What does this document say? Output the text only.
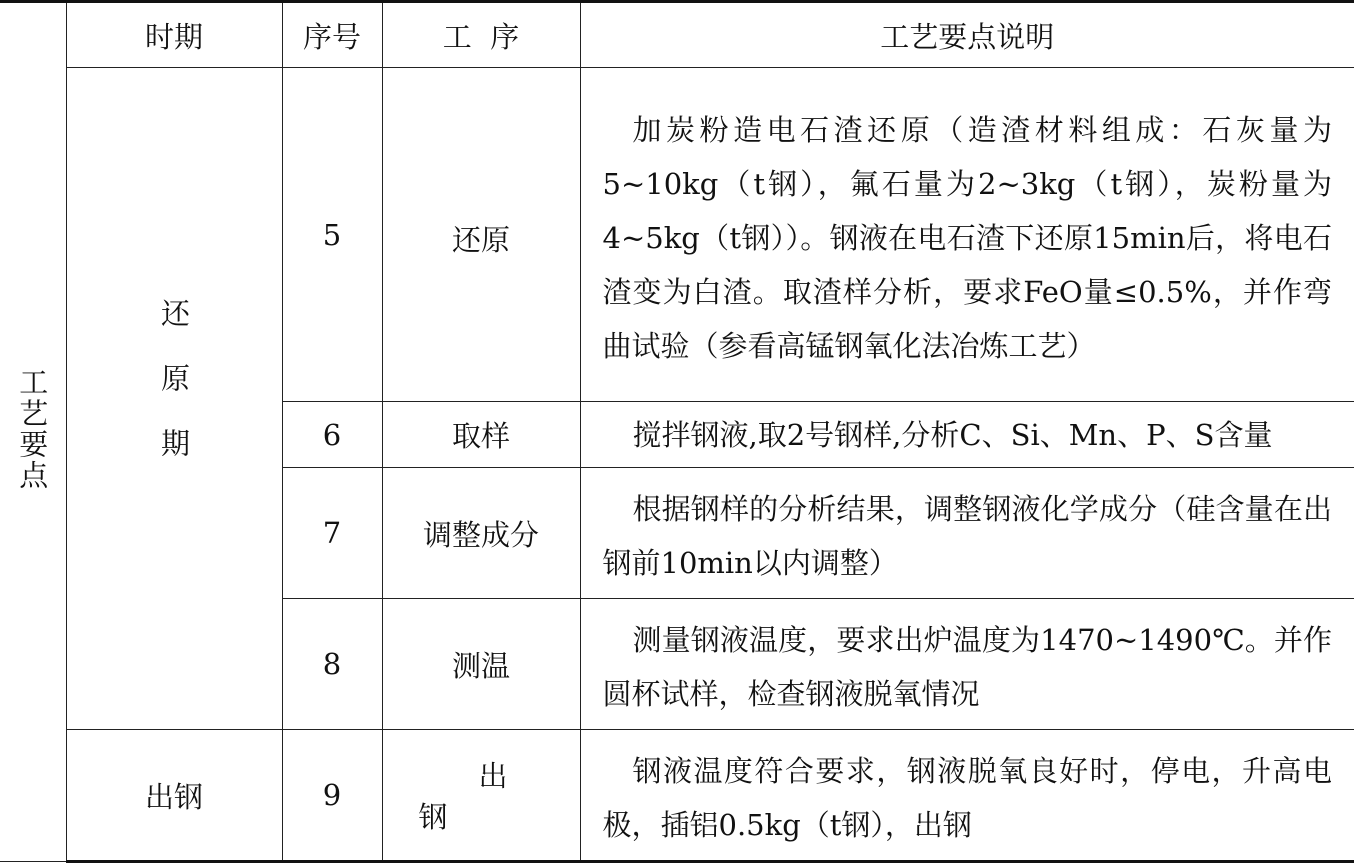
工艺要点	时期	序号	工  序	工艺要点说明
	还原期	5	还原	加炭粉造电石渣还原（造渣材料组成：石灰量为5~10kg（t钢），氟石量为2~3kg（t钢），炭粉量为4~5kg（t钢））。钢液在电石渣下还原15min后，将电石渣变为白渣。取渣样分析，要求FeO量≤0.5%，并作弯曲试验（参看高锰钢氧化法冶炼工艺）

		6	取样	搅拌钢液,取2号钢样,分析C、Si、Mn、P、S含量

		7	调整成分	根据钢样的分析结果，调整钢液化学成分（硅含量在出钢前10min以内调整）

		8	测温	测量钢液温度，要求出炉温度为1470~1490℃。并作圆杯试样，检查钢液脱氧情况

	出钢	9	出钢	钢液温度符合要求，钢液脱氧良好时，停电，升高电极，插铝0.5kg（t钢），出钢
